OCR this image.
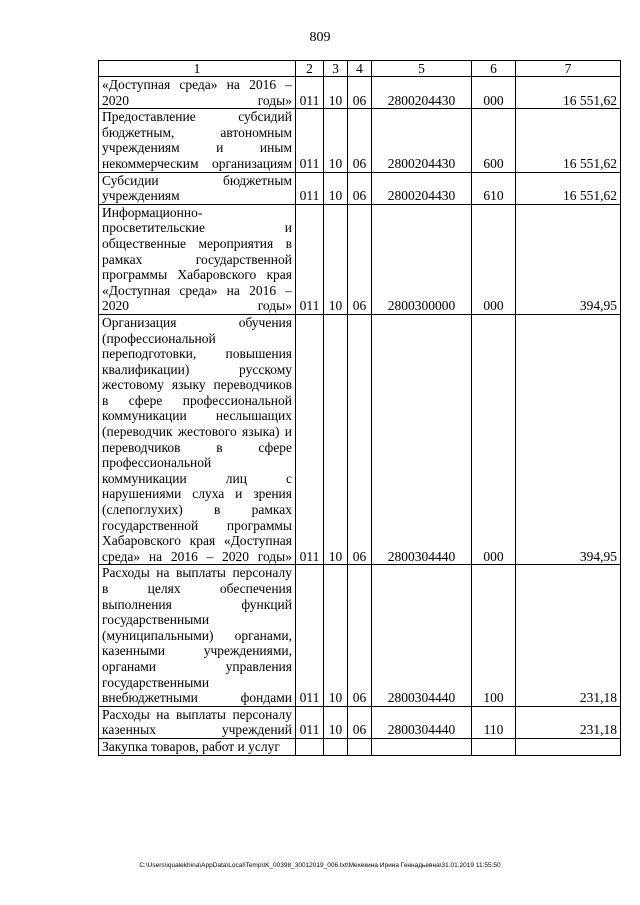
809
1	2	3	4	5	6	7
«Доступная среда» на 2016 – 2020 годы»	011	10	06	2800204430	000	16 551,62
Предоставление субсидий бюджетным, автономным учреждениям и иным некоммерческим организациям	011	10	06	2800204430	600	16 551,62
Субсидии бюджетным учреждениям	011	10	06	2800204430	610	16 551,62
Информационно-просветительские и общественные мероприятия в рамках государственной программы Хабаровского края «Доступная среда» на 2016 – 2020 годы»	011	10	06	2800300000	000	394,95
Организация обучения (профессиональной переподготовки, повышения квалификации) русскому жестовому языку переводчиков в сфере профессиональной коммуникации неслышащих (переводчик жестового языка) и переводчиков в сфере профессиональной коммуникации лиц с нарушениями слуха и зрения (слепоглухих) в рамках государственной программы Хабаровского края «Доступная среда» на 2016 – 2020 годы»	011	10	06	2800304440	000	394,95
Расходы на выплаты персоналу в целях обеспечения выполнения функций государственными (муниципальными) органами, казенными учреждениями, органами управления государственными внебюджетными фондами	011	10	06	2800304440	100	231,18
Расходы на выплаты персоналу казенных учреждений	011	10	06	2800304440	110	231,18
Закупка товаров, работ и услуг						
C:\Users\iqualekhina\AppData\Local\Temp\IK_00398_30012019_006.txt\Мехекина Ирина Геннадьевна\31.01.2019 11:55:50
